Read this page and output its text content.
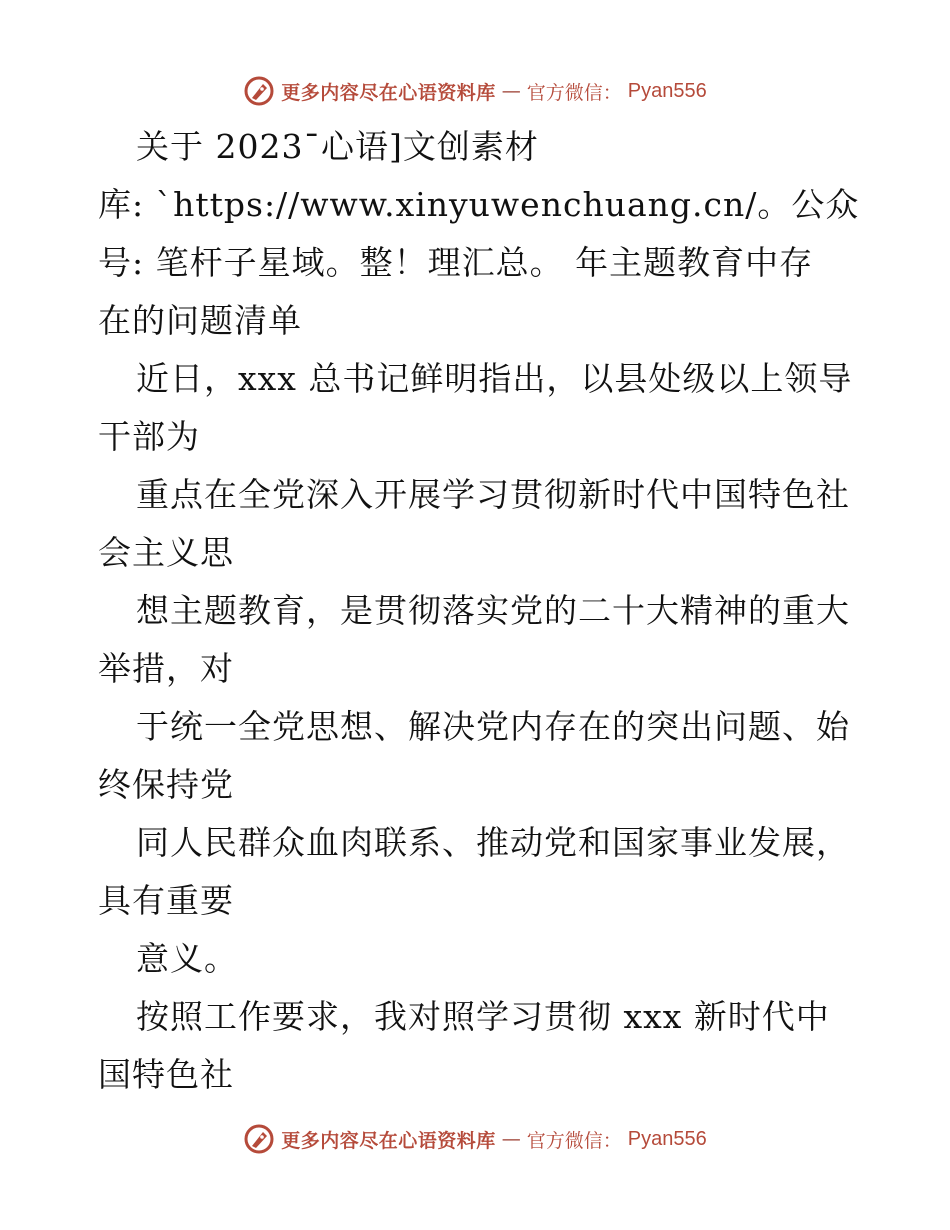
更多内容尽在心语资料库 — 官方微信： Pyan556
关于 2023¯心语]文创素材
库: `https://www.xinyuwenchuang.cn/。公众
号: 笔杆子星域。整！理汇总。 年主题教育中存
在的问题清单
近日，xxx 总书记鲜明指出，以县处级以上领导
干部为
重点在全党深入开展学习贯彻新时代中国特色社
会主义思
想主题教育，是贯彻落实党的二十大精神的重大
举措，对
于统一全党思想、解决党内存在的突出问题、始
终保持党
同人民群众血肉联系、推动党和国家事业发展，
具有重要
意义。
按照工作要求，我对照学习贯彻 xxx 新时代中
国特色社
更多内容尽在心语资料库 — 官方微信： Pyan556
